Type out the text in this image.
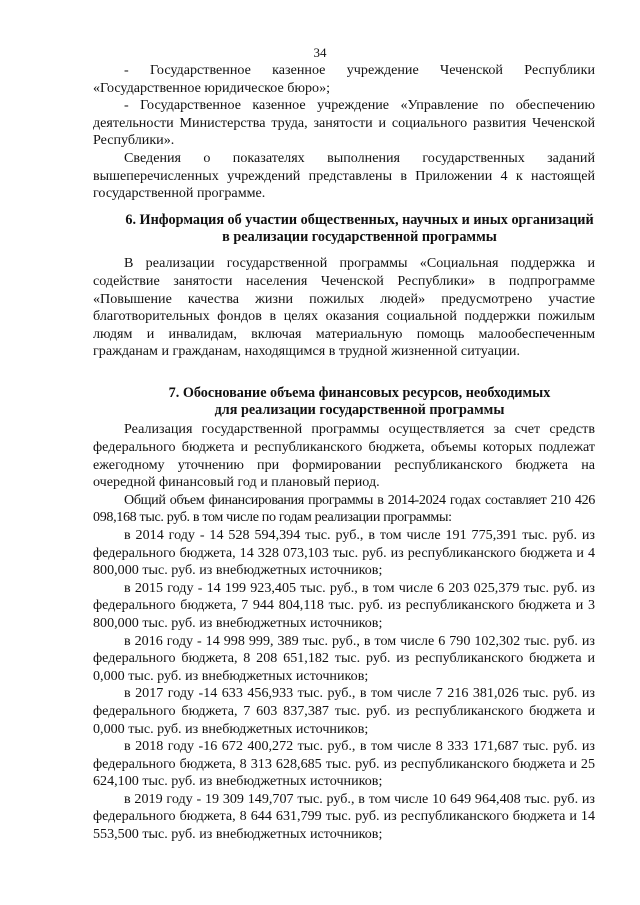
34

- Государственное казенное учреждение Чеченской Республики «Государственное юридическое бюро»;

- Государственное казенное учреждение «Управление по обеспечению деятельности Министерства труда, занятости и социального развития Чеченской Республики».

Сведения о показателях выполнения государственных заданий вышеперечисленных учреждений представлены в Приложении 4 к настоящей государственной программе.

6. Информация об участии общественных, научных и иных организаций
в реализации государственной программы

В реализации государственной программы «Социальная поддержка и содействие занятости населения Чеченской Республики» в подпрограмме «Повышение качества жизни пожилых людей» предусмотрено участие благотворительных фондов в целях оказания социальной поддержки пожилым людям и инвалидам, включая материальную помощь малообеспеченным гражданам и гражданам, находящимся в трудной жизненной ситуации.

7. Обоснование объема финансовых ресурсов, необходимых
для реализации государственной программы

Реализация государственной программы осуществляется за счет средств федерального бюджета и республиканского бюджета, объемы которых подлежат ежегодному уточнению при формировании республиканского бюджета на очередной финансовый год и плановый период.

Общий объем финансирования программы в 2014-2024 годах составляет 210 426 098,168 тыс. руб. в том числе по годам реализации программы:

в 2014 году - 14 528 594,394 тыс. руб., в том числе 191 775,391 тыс. руб. из федерального бюджета, 14 328 073,103 тыс. руб. из республиканского бюджета и 4 800,000 тыс. руб. из внебюджетных источников;

в 2015 году - 14 199 923,405 тыс. руб., в том числе 6 203 025,379 тыс. руб. из федерального бюджета, 7 944 804,118 тыс. руб. из республиканского бюджета и 3 800,000 тыс. руб. из внебюджетных источников;

в 2016 году - 14 998 999, 389 тыс. руб., в том числе 6 790 102,302 тыс. руб. из федерального бюджета, 8 208 651,182 тыс. руб. из республиканского бюджета и 0,000 тыс. руб. из внебюджетных источников;

в 2017 году -14 633 456,933 тыс. руб., в том числе 7 216 381,026 тыс. руб. из федерального бюджета, 7 603 837,387 тыс. руб. из республиканского бюджета и 0,000 тыс. руб. из внебюджетных источников;

в 2018 году -16 672 400,272 тыс. руб., в том числе 8 333 171,687 тыс. руб. из федерального бюджета, 8 313 628,685 тыс. руб. из республиканского бюджета и 25 624,100 тыс. руб. из внебюджетных источников;

в 2019 году - 19 309 149,707 тыс. руб., в том числе 10 649 964,408 тыс. руб. из федерального бюджета, 8 644 631,799 тыс. руб. из республиканского бюджета и 14 553,500 тыс. руб. из внебюджетных источников;
